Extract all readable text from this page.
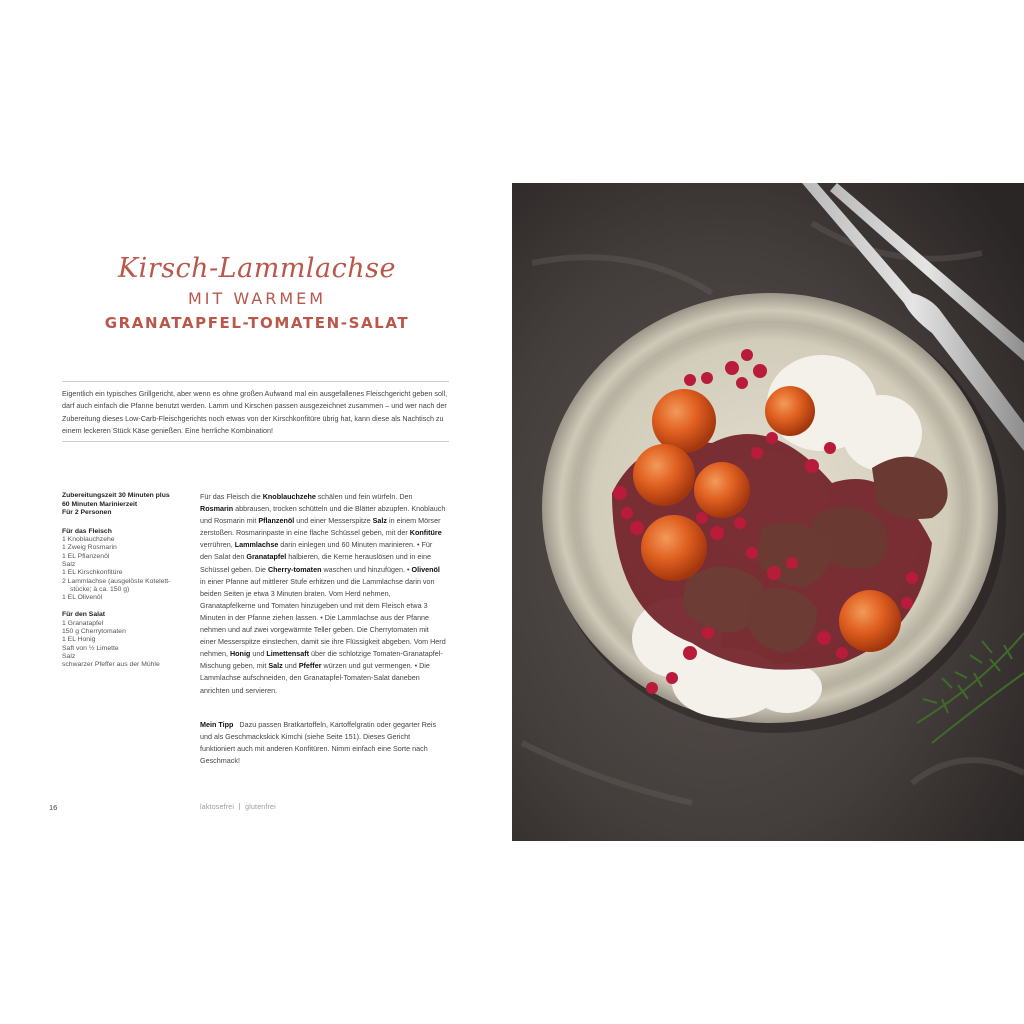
Kirsch-Lammlachse
MIT WARMEM
GRANATAPFEL-TOMATEN-SALAT
Eigentlich ein typisches Grillgericht, aber wenn es ohne großen Aufwand mal ein ausgefallenes Fleischgericht geben soll, darf auch einfach die Pfanne benutzt werden. Lamm und Kirschen passen ausgezeichnet zusammen – und wer nach der Zubereitung dieses Low-Carb-Fleischgerichts noch etwas von der Kirschkonfitüre übrig hat, kann diese als Nachtisch zu einem leckeren Stück Käse genießen. Eine herrliche Kombination!
Zubereitungszeit 30 Minuten plus
60 Minuten Marinierzeit
Für 2 Personen
Für das Fleisch
1 Knoblauchzehe
1 Zweig Rosmarin
1 EL Pflanzenöl
Salz
1 EL Kirschkonfitüre
2 Lammlachse (ausgelöste Kotelett-
stücke; à ca. 150 g)
1 EL Olivenöl
Für den Salat
1 Granatapfel
150 g Cherrytomaten
1 EL Honig
Saft von ½ Limette
Salz
schwarzer Pfeffer aus der Mühle
Für das Fleisch die Knoblauchzehe schälen und fein würfeln. Den Rosmarin abbrausen, trocken schütteln und die Blätter abzupfen. Knoblauch und Rosmarin mit Pflanzenöl und einer Messerspitze Salz in einem Mörser zerstoßen. Rosmarinpaste in eine flache Schüssel geben, mit der Konfitüre verrühren, Lammlachse darin einlegen und 60 Minuten marinieren. • Für den Salat den Granatapfel halbieren, die Kerne herauslösen und in eine Schüssel geben. Die Cherry-tomaten waschen und hinzufügen. • Olivenöl in einer Pfanne auf mittlerer Stufe erhitzen und die Lammlachse darin von beiden Seiten je etwa 3 Minuten braten. Vom Herd nehmen, Granatapfelkerne und Tomaten hinzugeben und mit dem Fleisch etwa 3 Minuten in der Pfanne ziehen lassen. • Die Lammlachse aus der Pfanne nehmen und auf zwei vorgewärmte Teller geben. Die Cherrytomaten mit einer Messerspitze einstechen, damit sie ihre Flüssigkeit abgeben. Vom Herd nehmen, Honig und Limettensaft über die schlotzige Tomaten-Granatapfel-Mischung geben, mit Salz und Pfeffer würzen und gut vermengen. • Die Lammlachse aufschneiden, den Granatapfel-Tomaten-Salat daneben anrichten und servieren.
Mein Tipp Dazu passen Bratkartoffeln, Kartoffelgratin oder gegarter Reis und als Geschmackskick Kimchi (siehe Seite 151). Dieses Gericht funktioniert auch mit anderen Konfitüren. Nimm einfach eine Sorte nach Geschmack!
16	laktosefrei glutenfrei
